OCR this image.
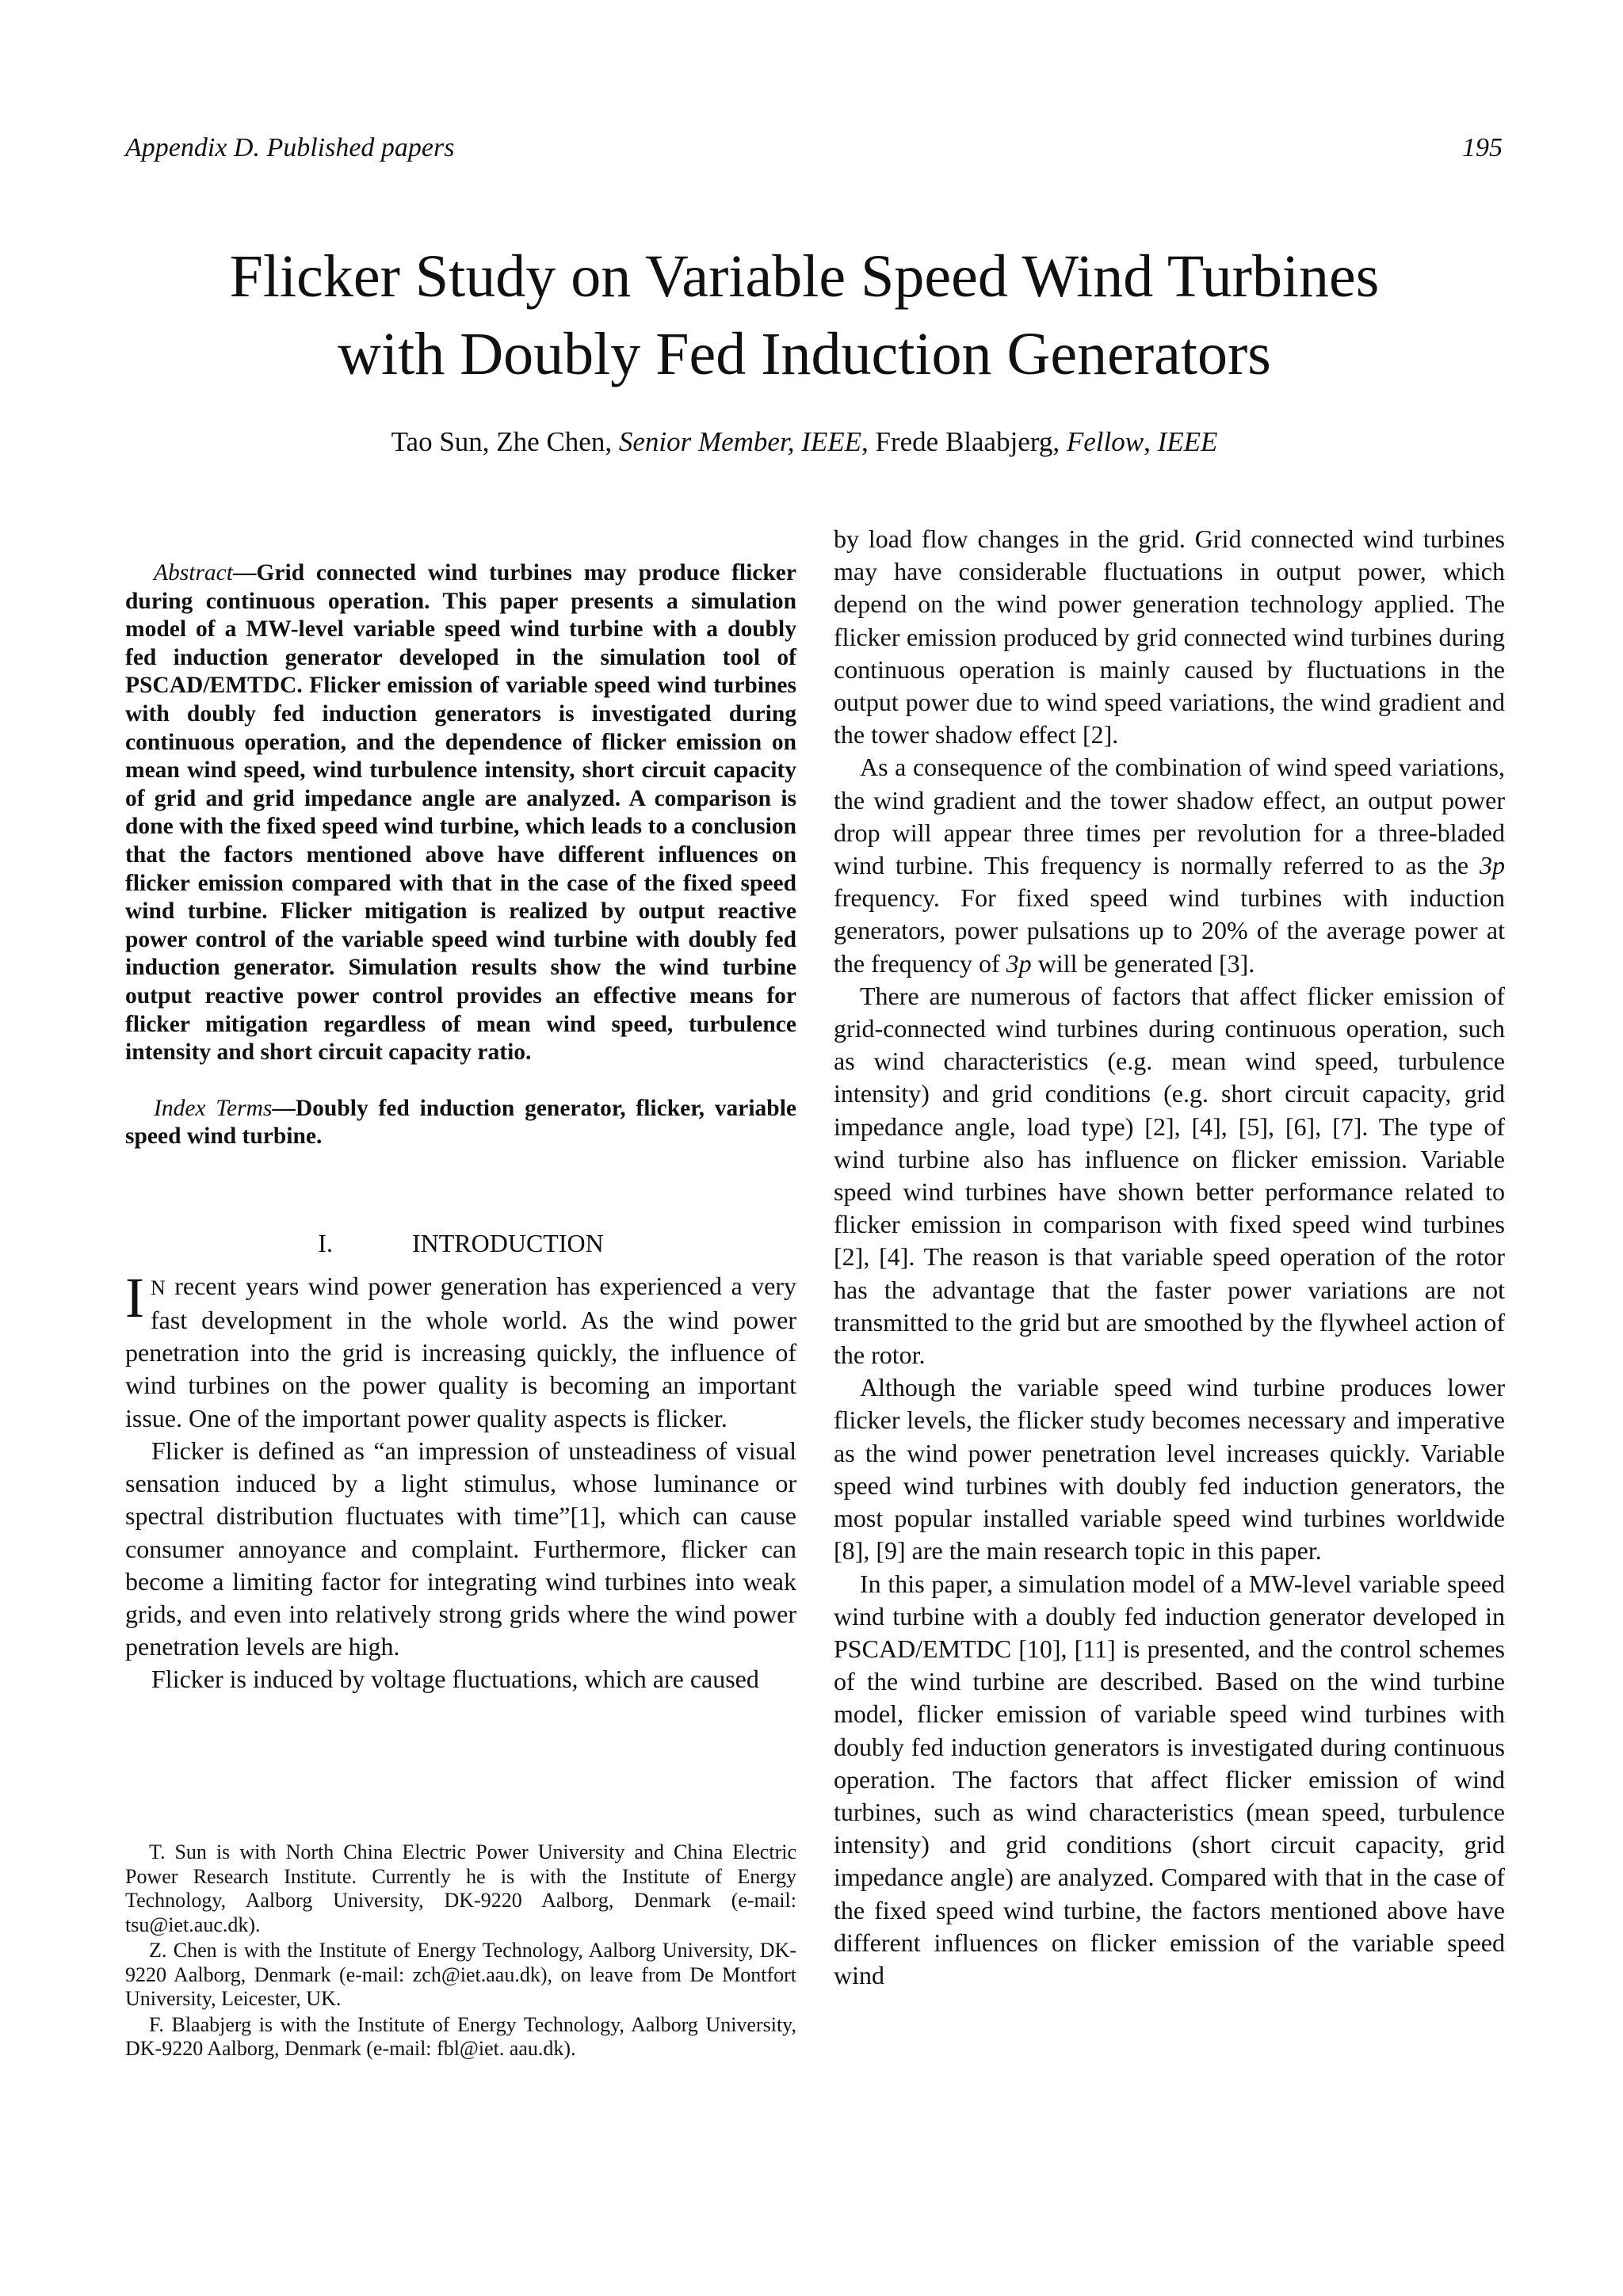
Appendix D. Published papers	195
Flicker Study on Variable Speed Wind Turbines
with Doubly Fed Induction Generators
Tao Sun, Zhe Chen, Senior Member, IEEE, Frede Blaabjerg, Fellow, IEEE

Abstract—Grid connected wind turbines may produce flicker during continuous operation. This paper presents a simulation model of a MW-level variable speed wind turbine with a doubly fed induction generator developed in the simulation tool of PSCAD/EMTDC. Flicker emission of variable speed wind turbines with doubly fed induction generators is investigated during continuous operation, and the dependence of flicker emission on mean wind speed, wind turbulence intensity, short circuit capacity of grid and grid impedance angle are analyzed. A comparison is done with the fixed speed wind turbine, which leads to a conclusion that the factors mentioned above have different influences on flicker emission compared with that in the case of the fixed speed wind turbine. Flicker mitigation is realized by output reactive power control of the variable speed wind turbine with doubly fed induction generator. Simulation results show the wind turbine output reactive power control provides an effective means for flicker mitigation regardless of mean wind speed, turbulence intensity and short circuit capacity ratio.

Index Terms—Doubly fed induction generator, flicker, variable speed wind turbine.

I.	INTRODUCTION

I N recent years wind power generation has experienced a very fast development in the whole world. As the wind power penetration into the grid is increasing quickly, the influence of wind turbines on the power quality is becoming an important issue. One of the important power quality aspects is flicker.

Flicker is defined as “an impression of unsteadiness of visual sensation induced by a light stimulus, whose luminance or spectral distribution fluctuates with time”[1], which can cause consumer annoyance and complaint. Furthermore, flicker can become a limiting factor for integrating wind turbines into weak grids, and even into relatively strong grids where the wind power penetration levels are high.

Flicker is induced by voltage fluctuations, which are caused

T. Sun is with North China Electric Power University and China Electric Power Research Institute. Currently he is with the Institute of Energy Technology, Aalborg University, DK-9220 Aalborg, Denmark (e-mail: tsu@iet.auc.dk).

Z. Chen is with the Institute of Energy Technology, Aalborg University, DK-9220 Aalborg, Denmark (e-mail: zch@iet.aau.dk), on leave from De Montfort University, Leicester, UK.

F. Blaabjerg is with the Institute of Energy Technology, Aalborg University, DK-9220 Aalborg, Denmark (e-mail: fbl@iet. aau.dk).

by load flow changes in the grid. Grid connected wind turbines may have considerable fluctuations in output power, which depend on the wind power generation technology applied. The flicker emission produced by grid connected wind turbines during continuous operation is mainly caused by fluctuations in the output power due to wind speed variations, the wind gradient and the tower shadow effect [2].

As a consequence of the combination of wind speed variations, the wind gradient and the tower shadow effect, an output power drop will appear three times per revolution for a three-bladed wind turbine. This frequency is normally referred to as the 3p frequency. For fixed speed wind turbines with induction generators, power pulsations up to 20% of the average power at the frequency of 3p will be generated [3].

There are numerous of factors that affect flicker emission of grid-connected wind turbines during continuous operation, such as wind characteristics (e.g. mean wind speed, turbulence intensity) and grid conditions (e.g. short circuit capacity, grid impedance angle, load type) [2], [4], [5], [6], [7]. The type of wind turbine also has influence on flicker emission. Variable speed wind turbines have shown better performance related to flicker emission in comparison with fixed speed wind turbines [2], [4]. The reason is that variable speed operation of the rotor has the advantage that the faster power variations are not transmitted to the grid but are smoothed by the flywheel action of the rotor.

Although the variable speed wind turbine produces lower flicker levels, the flicker study becomes necessary and imperative as the wind power penetration level increases quickly. Variable speed wind turbines with doubly fed induction generators, the most popular installed variable speed wind turbines worldwide [8], [9] are the main research topic in this paper.

In this paper, a simulation model of a MW-level variable speed wind turbine with a doubly fed induction generator developed in PSCAD/EMTDC [10], [11] is presented, and the control schemes of the wind turbine are described. Based on the wind turbine model, flicker emission of variable speed wind turbines with doubly fed induction generators is investigated during continuous operation. The factors that affect flicker emission of wind turbines, such as wind characteristics (mean speed, turbulence intensity) and grid conditions (short circuit capacity, grid impedance angle) are analyzed. Compared with that in the case of the fixed speed wind turbine, the factors mentioned above have different influences on flicker emission of the variable speed wind
